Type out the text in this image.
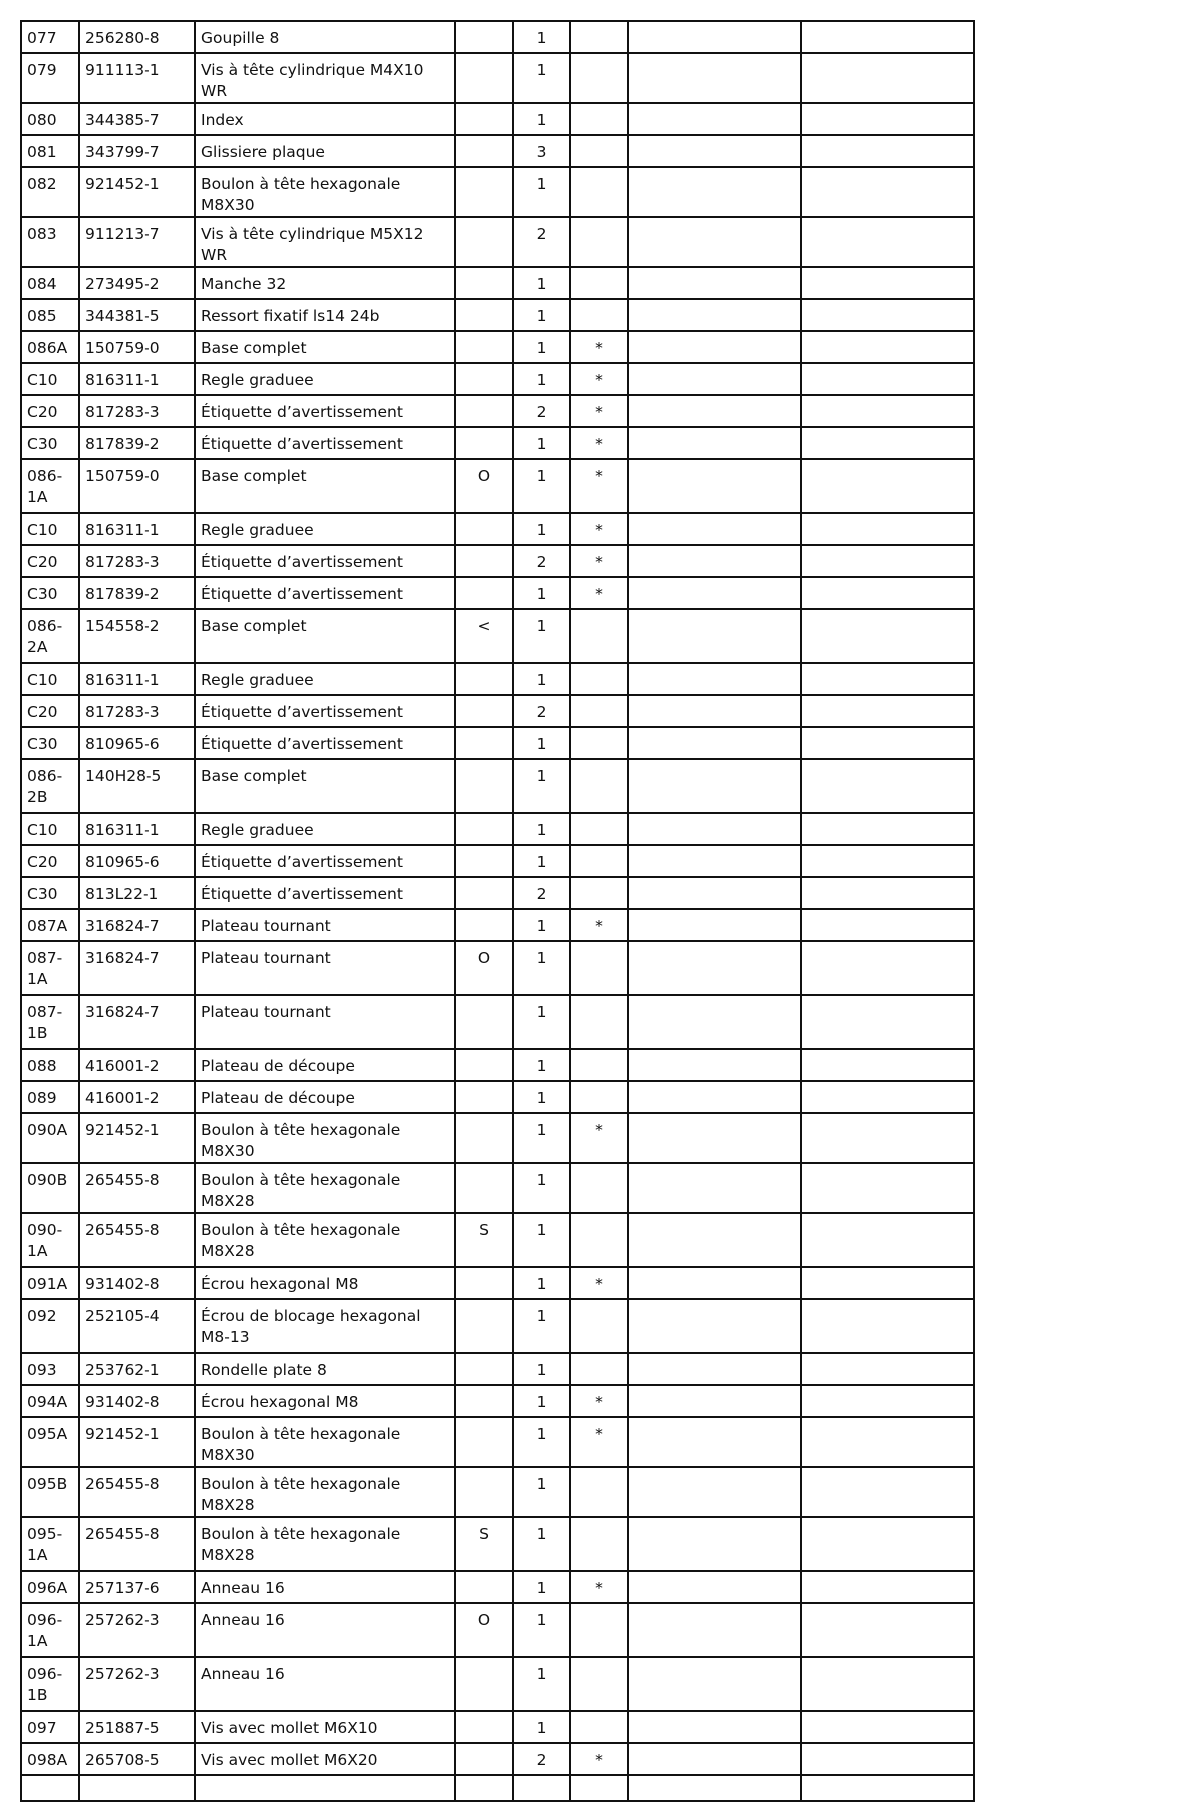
077	256280-8	Goupille 8		1			
079	911113-1	Vis à tête cylindrique M4X10 WR		1			
080	344385-7	Index		1			
081	343799-7	Glissiere plaque		3			
082	921452-1	Boulon à tête hexagonale M8X30		1			
083	911213-7	Vis à tête cylindrique M5X12 WR		2			
084	273495-2	Manche 32		1			
085	344381-5	Ressort fixatif ls14 24b		1			
086A	150759-0	Base complet		1	*		
C10	816311-1	Regle graduee		1	*		
C20	817283-3	Étiquette d’avertissement		2	*		
C30	817839-2	Étiquette d’avertissement		1	*		
086-1A	150759-0	Base complet	O	1	*		
C10	816311-1	Regle graduee		1	*		
C20	817283-3	Étiquette d’avertissement		2	*		
C30	817839-2	Étiquette d’avertissement		1	*		
086-2A	154558-2	Base complet	<	1			
C10	816311-1	Regle graduee		1			
C20	817283-3	Étiquette d’avertissement		2			
C30	810965-6	Étiquette d’avertissement		1			
086-2B	140H28-5	Base complet		1			
C10	816311-1	Regle graduee		1			
C20	810965-6	Étiquette d’avertissement		1			
C30	813L22-1	Étiquette d’avertissement		2			
087A	316824-7	Plateau tournant		1	*		
087-1A	316824-7	Plateau tournant	O	1			
087-1B	316824-7	Plateau tournant		1			
088	416001-2	Plateau de découpe		1			
089	416001-2	Plateau de découpe		1			
090A	921452-1	Boulon à tête hexagonale M8X30		1	*		
090B	265455-8	Boulon à tête hexagonale M8X28		1			
090-1A	265455-8	Boulon à tête hexagonale M8X28	S	1			
091A	931402-8	Écrou hexagonal M8		1	*		
092	252105-4	Écrou de blocage hexagonal M8-13		1			
093	253762-1	Rondelle plate 8		1			
094A	931402-8	Écrou hexagonal M8		1	*		
095A	921452-1	Boulon à tête hexagonale M8X30		1	*		
095B	265455-8	Boulon à tête hexagonale M8X28		1			
095-1A	265455-8	Boulon à tête hexagonale M8X28	S	1			
096A	257137-6	Anneau 16		1	*		
096-1A	257262-3	Anneau 16	O	1			
096-1B	257262-3	Anneau 16		1			
097	251887-5	Vis avec mollet M6X10		1			
098A	265708-5	Vis avec mollet M6X20		2	*		
